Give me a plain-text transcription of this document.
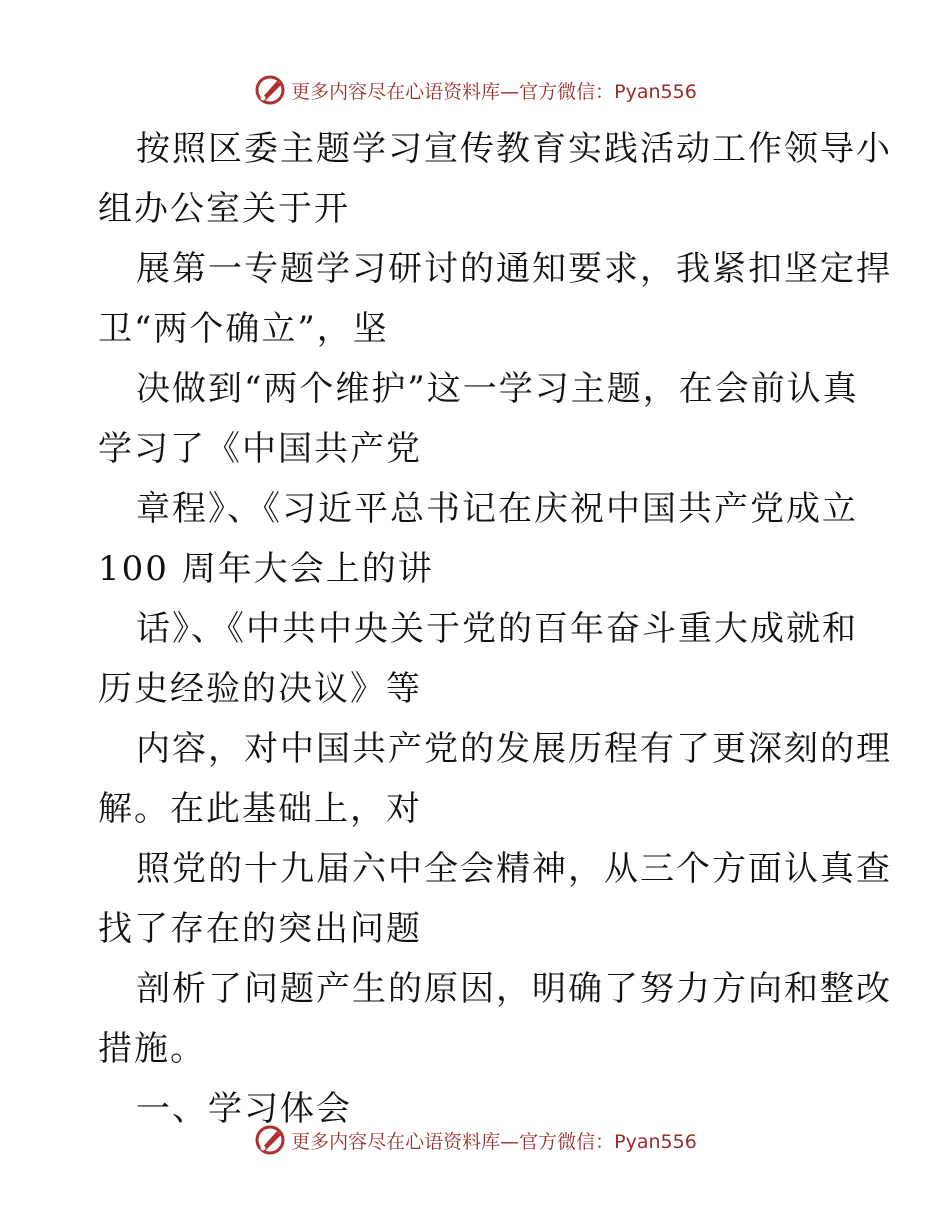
更多内容尽在心语资料库—官方微信：Pyan556
按照区委主题学习宣传教育实践活动工作领导小
组办公室关于开
展第一专题学习研讨的通知要求，我紧扣坚定捍
卫“两个确立”，坚
决做到“两个维护”这一学习主题，在会前认真
学习了《中国共产党
章程》、《习近平总书记在庆祝中国共产党成立
100 周年大会上的讲
话》、《中共中央关于党的百年奋斗重大成就和
历史经验的决议》等
内容，对中国共产党的发展历程有了更深刻的理
解。在此基础上，对
照党的十九届六中全会精神，从三个方面认真查
找了存在的突出问题
剖析了问题产生的原因，明确了努力方向和整改
措施。
一、学习体会
更多内容尽在心语资料库—官方微信：Pyan556
